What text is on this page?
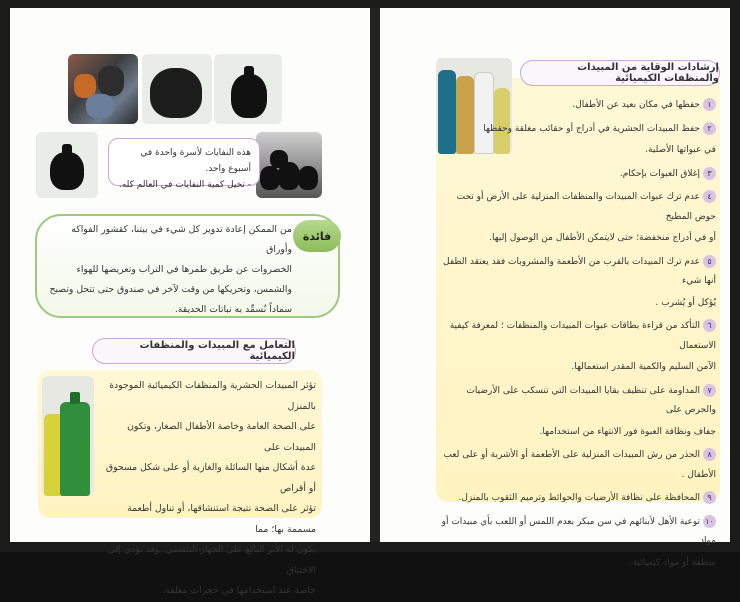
هذه النفايات لأسرة واحدة في أسبوع واحد.
- تخيل كمية النفايات في العالم كله.
فائدة
من الممكن إعادة تدوير كل شيء في بيتنا، كقشور الفواكه وأوراق
الخضروات عن طريق طمرها في التراب وتعريضها للهواء
والشمس، وتحريكها من وقت لآخر في صندوق حتى تتحل وتصبح
سماداً نُسمِّد به نباتات الحديقة.
التعامل مع المبيدات والمنظفات الكيميائية
تؤثر المبيدات الحشرية والمنظفات الكيميائية الموجودة بالمنزل
على الصحة العامة وخاصة الأطفال الصغار، وتكون المبيدات على
عدة أشكال منها السائلة والغازية أو على شكل مسحوق أو أقراص
تؤثر على الصحة نتيجة استنشاقها، أو تناول أطعمة مسممة بها؛ مما
يكون له الأثر البالغ على الجهاز التنفسي، وقد تؤدي إلى الاختناق
خاصة عند استخدامها في حجرات مغلقة.
إرشادات الوقاية من المبيدات والمنظفات الكيميائية
١حفظها في مكان بعيد عن الأطفال.
٢حفظ المبيدات الحشرية في أدراج أو حقائب مغلقة وحفظها
في عبواتها الأصلية.
٣إغلاق العبوات بإحكام.
٤عدم ترك عبوات المبيدات والمنظفات المنزلية على الأرض أو تحت حوض المطبخ
أو في أدراج منخفضة؛ حتى لايتمكن الأطفال من الوصول إليها.
٥عدم ترك المبيدات بالقرب من الأطعمة والمشروبات فقد يعتقد الطفل أنها شيء
يُؤكل أو يُشرب .
٦التأكد من قراءة بطاقات عبوات المبيدات والمنظفات ؛ لمعرفة كيفية الاستعمال
الآمن السليم والكمية المقدر استعمالها.
٧المداومة على تنظيف بقايا المبيدات التي تنسكب على الأرضيات والحرص على
جفاف ونظافة العبوة فور الانتهاء من استخدامها.
٨الحذر من رش المبيدات المنزلية على الأطعمة أو الأشربة أو على لعب الأطفال .
٩المحافظة على نظافة الأرضيات والحوائط وترميم الثقوب بالمنزل.
١٠توعية الأهل لأبنائهم في سن مبكر بعدم اللمس أو اللعب بأي مبيدات أو مواد
منظفة أو مواد كيميائية.
